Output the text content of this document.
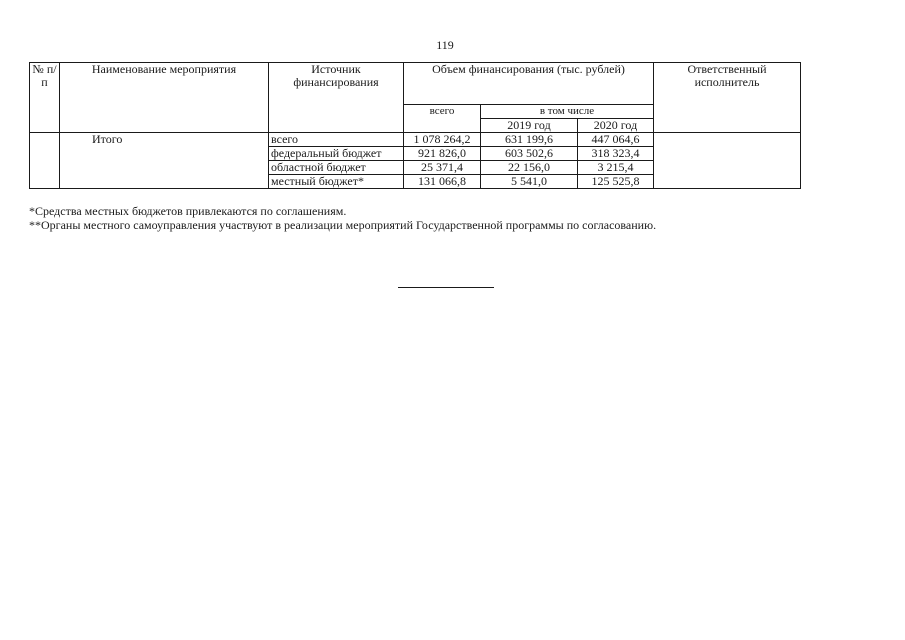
119
№ п/п	Наименование мероприятия	Источник финансирования	Объем финансирования (тыс. рублей)			Ответственный исполнитель
			всего	в том числе		
				2019 год	2020 год	
	Итого	всего	1 078 264,2	631 199,6	447 064,6	
		федеральный бюджет	921 826,0	603 502,6	318 323,4	
		областной бюджет	25 371,4	22 156,0	3 215,4	
		местный бюджет*	131 066,8	5 541,0	125 525,8	
*Средства местных бюджетов привлекаются по соглашениям.
**Органы местного самоуправления участвуют в реализации мероприятий Государственной программы по согласованию.
